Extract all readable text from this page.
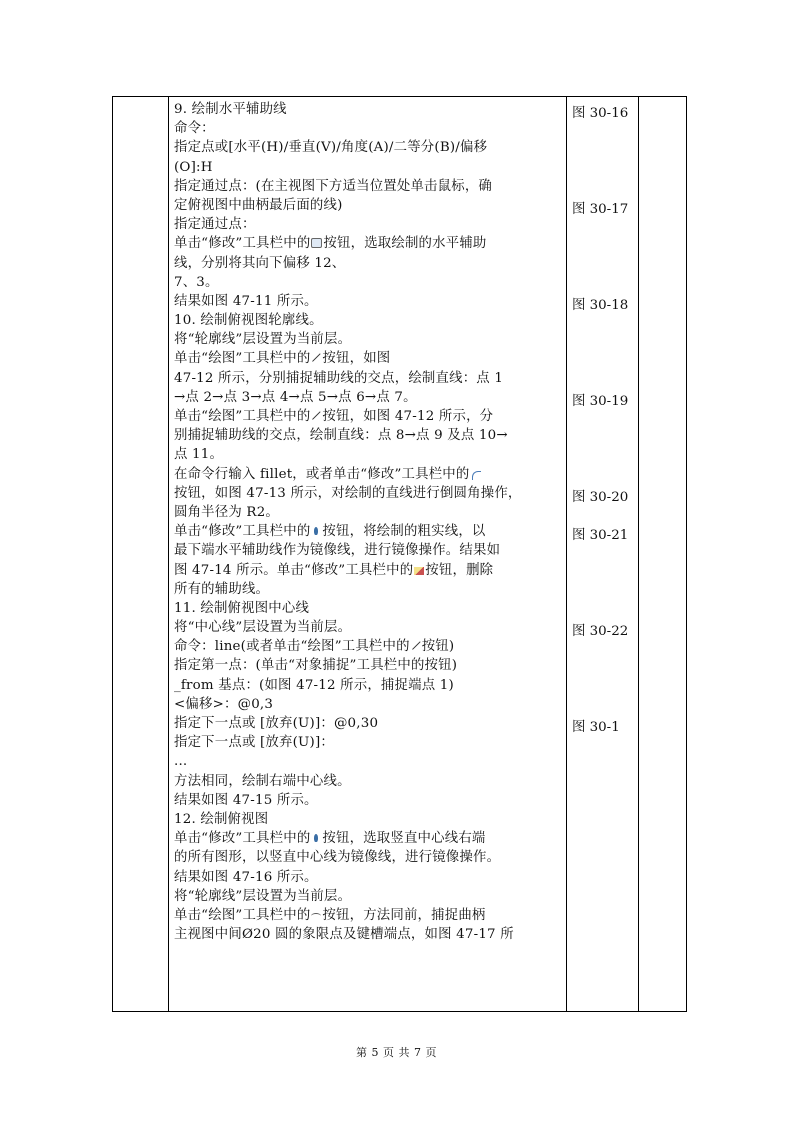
9. 绘制水平辅助线
命令：
指定点或[水平(H)/垂直(V)/角度(A)/二等分(B)/偏移
(O]:H
指定通过点：(在主视图下方适当位置处单击鼠标，确
定俯视图中曲柄最后面的线)
指定通过点：
单击“修改”工具栏中的 按钮，选取绘制的水平辅助
线，分别将其向下偏移 12、
7、3。
结果如图 47-11 所示。
10. 绘制俯视图轮廓线。
将“轮廓线”层设置为当前层。
单击“绘图”工具栏中的 按钮，如图
47-12 所示，分别捕捉辅助线的交点，绘制直线：点 1
→点 2→点 3→点 4→点 5→点 6→点 7。
单击“绘图”工具栏中的 按钮，如图 47-12 所示，分
别捕捉辅助线的交点，绘制直线：点 8→点 9 及点 10→
点 11。
在命令行输入 fillet，或者单击“修改”工具栏中的
按钮，如图 47-13 所示，对绘制的直线进行倒圆角操作，
圆角半径为 R2。
单击“修改”工具栏中的 按钮，将绘制的粗实线，以
最下端水平辅助线作为镜像线，进行镜像操作。结果如
图 47-14 所示。单击“修改”工具栏中的 按钮，删除
所有的辅助线。
11. 绘制俯视图中心线
将“中心线”层设置为当前层。
命令：line(或者单击“绘图”工具栏中的 按钮)
指定第一点：(单击“对象捕捉”工具栏中的按钮)
_from 基点：(如图 47-12 所示，捕捉端点 1)
<偏移>：@0,3
指定下一点或 [放弃(U)]：@0,30
指定下一点或 [放弃(U)]：
...
方法相同，绘制右端中心线。
结果如图 47-15 所示。
12. 绘制俯视图
单击“修改”工具栏中的 按钮，选取竖直中心线右端
的所有图形，以竖直中心线为镜像线，进行镜像操作。
结果如图 47-16 所示。
将“轮廓线”层设置为当前层。
单击“绘图”工具栏中的 按钮，方法同前，捕捉曲柄
主视图中间Ø20 圆的象限点及键槽端点，如图 47-17 所
图 30-16
图 30-17
图 30-18
图 30-19
图 30-20
图 30-21
图 30-22
图 30-1
第 5 页 共 7 页
